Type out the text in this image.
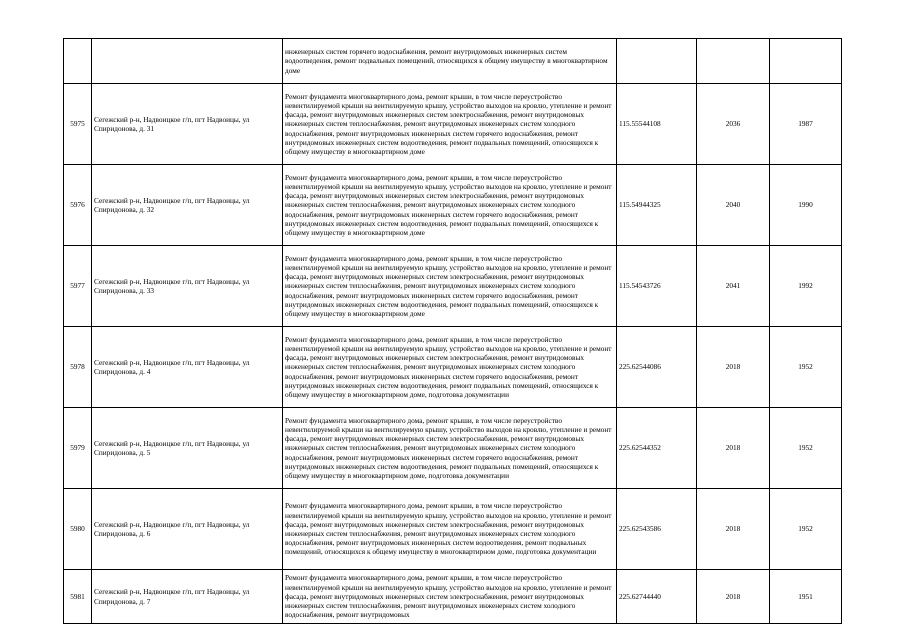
		инженерных систем горячего водоснабжения, ремонт внутридомовых инженерных систем водоотведения, ремонт подвальных помещений, относящихся к общему имуществу в многоквартирном доме			

5975	Сегежский р-н, Надвоицкое г/п, пгт Надвоицы, ул Спиридонова, д. 31	Ремонт фундамента многоквартирного дома, ремонт крыши, в том числе переустройство невентилируемой крыши на вентилируемую крышу, устройство выходов на кровлю, утепление и ремонт фасада, ремонт внутридомовых инженерных систем электроснабжения, ремонт внутридомовых инженерных систем теплоснабжения, ремонт внутридомовых инженерных систем холодного водоснабжения, ремонт внутридомовых инженерных систем горячего водоснабжения, ремонт внутридомовых инженерных систем водоотведения, ремонт подвальных помещений, относящихся к общему имуществу в многоквартирном доме	115.55544108	2036	1987

5976	Сегежский р-н, Надвоицкое г/п, пгт Надвоицы, ул Спиридонова, д. 32	Ремонт фундамента многоквартирного дома, ремонт крыши, в том числе переустройство невентилируемой крыши на вентилируемую крышу, устройство выходов на кровлю, утепление и ремонт фасада, ремонт внутридомовых инженерных систем электроснабжения, ремонт внутридомовых инженерных систем теплоснабжения, ремонт внутридомовых инженерных систем холодного водоснабжения, ремонт внутридомовых инженерных систем горячего водоснабжения, ремонт внутридомовых инженерных систем водоотведения, ремонт подвальных помещений, относящихся к общему имуществу в многоквартирном доме	115.54944325	2040	1990

5977	Сегежский р-н, Надвоицкое г/п, пгт Надвоицы, ул Спиридонова, д. 33	Ремонт фундамента многоквартирного дома, ремонт крыши, в том числе переустройство невентилируемой крыши на вентилируемую крышу, устройство выходов на кровлю, утепление и ремонт фасада, ремонт внутридомовых инженерных систем электроснабжения, ремонт внутридомовых инженерных систем теплоснабжения, ремонт внутридомовых инженерных систем холодного водоснабжения, ремонт внутридомовых инженерных систем горячего водоснабжения, ремонт внутридомовых инженерных систем водоотведения, ремонт подвальных помещений, относящихся к общему имуществу в многоквартирном доме	115.54543726	2041	1992

5978	Сегежский р-н, Надвоицкое г/п, пгт Надвоицы, ул Спиридонова, д. 4	Ремонт фундамента многоквартирного дома, ремонт крыши, в том числе переустройство невентилируемой крыши на вентилируемую крышу, устройство выходов на кровлю, утепление и ремонт фасада, ремонт внутридомовых инженерных систем электроснабжения, ремонт внутридомовых инженерных систем теплоснабжения, ремонт внутридомовых инженерных систем холодного водоснабжения, ремонт внутридомовых инженерных систем горячего водоснабжения, ремонт внутридомовых инженерных систем водоотведения, ремонт подвальных помещений, относящихся к общему имуществу в многоквартирном доме, подготовка документации	225.62544086	2018	1952

5979	Сегежский р-н, Надвоицкое г/п, пгт Надвоицы, ул Спиридонова, д. 5	Ремонт фундамента многоквартирного дома, ремонт крыши, в том числе переустройство невентилируемой крыши на вентилируемую крышу, устройство выходов на кровлю, утепление и ремонт фасада, ремонт внутридомовых инженерных систем электроснабжения, ремонт внутридомовых инженерных систем теплоснабжения, ремонт внутридомовых инженерных систем холодного водоснабжения, ремонт внутридомовых инженерных систем горячего водоснабжения, ремонт внутридомовых инженерных систем водоотведения, ремонт подвальных помещений, относящихся к общему имуществу в многоквартирном доме, подготовка документации	225.62544352	2018	1952

5980	Сегежский р-н, Надвоицкое г/п, пгт Надвоицы, ул Спиридонова, д. 6	Ремонт фундамента многоквартирного дома, ремонт крыши, в том числе переустройство невентилируемой крыши на вентилируемую крышу, устройство выходов на кровлю, утепление и ремонт фасада, ремонт внутридомовых инженерных систем электроснабжения, ремонт внутридомовых инженерных систем теплоснабжения, ремонт внутридомовых инженерных систем холодного водоснабжения, ремонт внутридомовых инженерных систем водоотведения, ремонт подвальных помещений, относящихся к общему имуществу в многоквартирном доме, подготовка документации	225.62543586	2018	1952

5981	Сегежский р-н, Надвоицкое г/п, пгт Надвоицы, ул Спиридонова, д. 7	Ремонт фундамента многоквартирного дома, ремонт крыши, в том числе переустройство невентилируемой крыши на вентилируемую крышу, устройство выходов на кровлю, утепление и ремонт фасада, ремонт внутридомовых инженерных систем электроснабжения, ремонт внутридомовых инженерных систем теплоснабжения, ремонт внутридомовых инженерных систем холодного водоснабжения, ремонт внутридомовых	225.62744440	2018	1951
